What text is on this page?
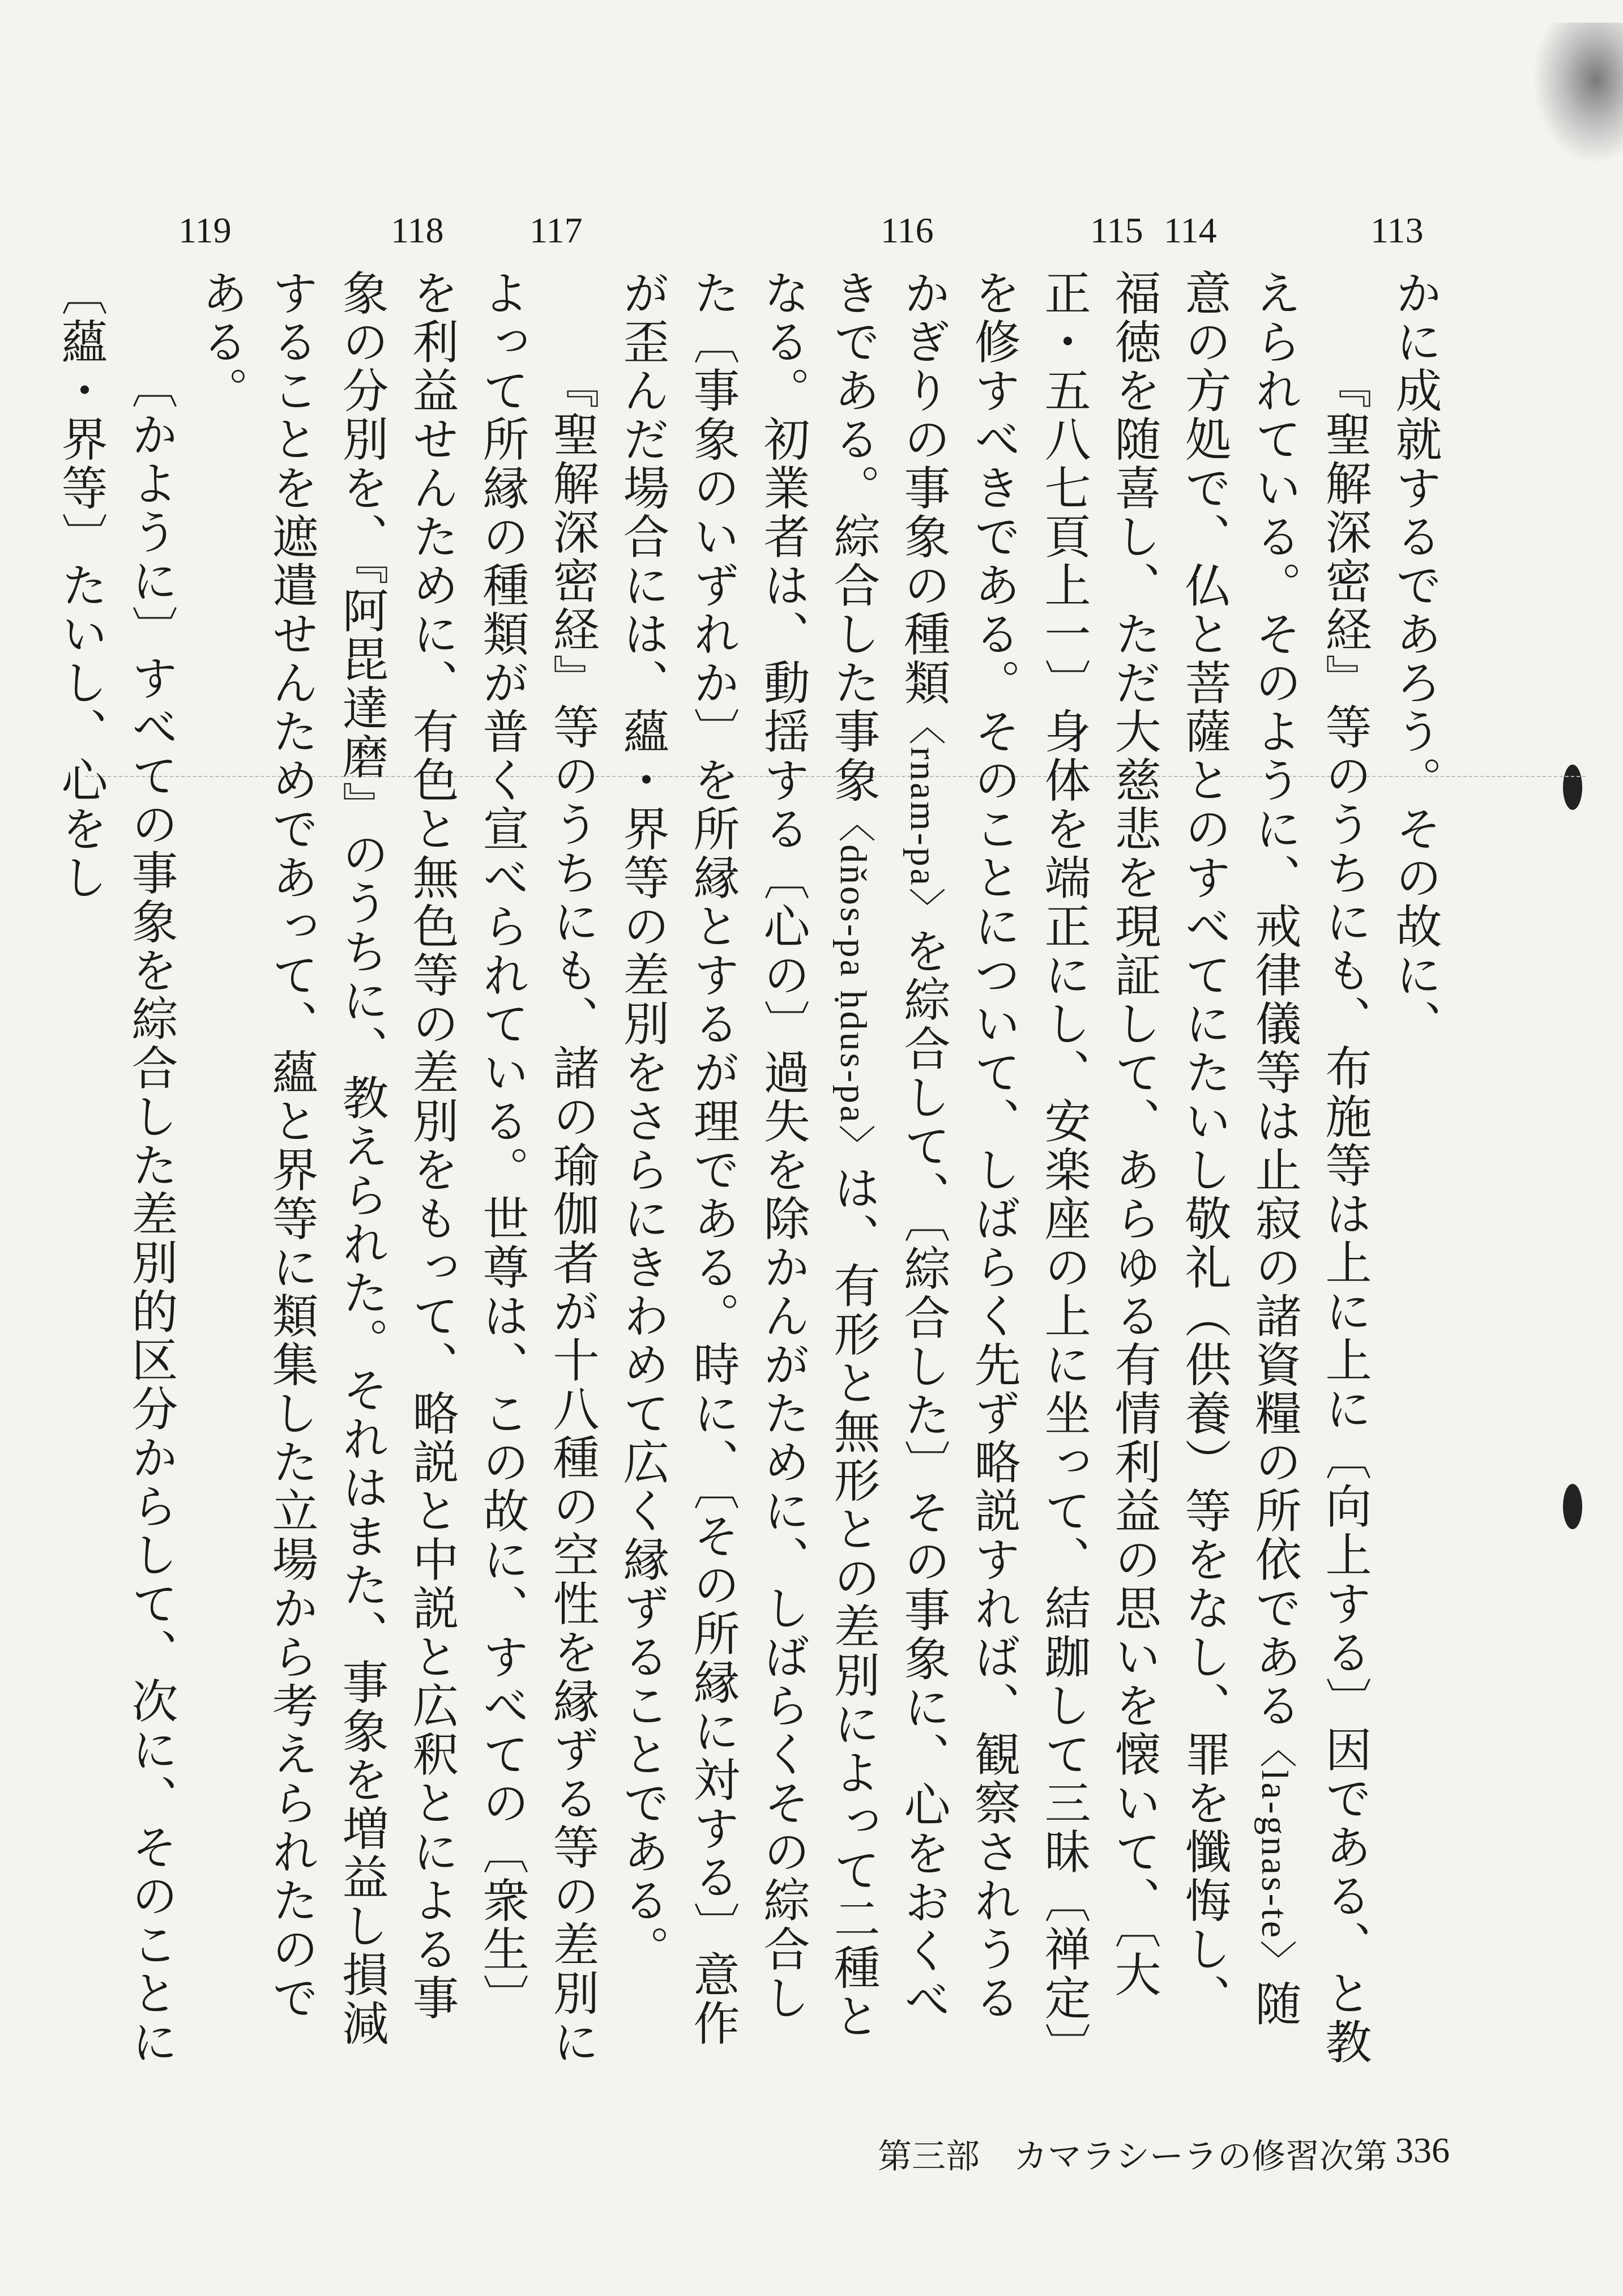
113
114
115
116
117
118
119

かに成就するであろう。その故に、

『聖解深密経』等のうちにも、布施等は上に上に〔向上する〕因である、と教えられている。そのように、戒律儀等は止寂の諸資糧の所依である〈la-gnas-te〉随意の方処で、仏と菩薩とのすべてにたいし敬礼（供養）等をなし、罪を懺悔し、福徳を随喜し、ただ大慈悲を現証して、あらゆる有情利益の思いを懐いて、〔大正・五八七頁上一〕身体を端正にし、安楽座の上に坐って、結跏して三昧〔禅定〕を修すべきである。そのことについて、しばらく先ず略説すれば、観察されうるかぎりの事象の種類〈rnam-pa〉を綜合して、〔綜合した〕その事象に、心をおくべきである。綜合した事象〈dňos-pa ḥdus-pa〉は、有形と無形との差別によって二種となる。初業者は、動揺する〔心の〕過失を除かんがために、しばらくその綜合した〔事象のいずれか〕を所縁とするが理である。時に、〔その所縁に対する〕意作が歪んだ場合には、蘊・界等の差別をさらにきわめて広く縁ずることである。

『聖解深密経』等のうちにも、諸の瑜伽者が十八種の空性を縁ずる等の差別によって所縁の種類が普く宣べられている。世尊は、この故に、すべての〔衆生〕を利益せんために、有色と無色等の差別をもって、略説と中説と広釈とによる事象の分別を、『阿毘達磨』のうちに、教えられた。それはまた、事象を増益し損減することを遮遣せんためであって、蘊と界等に類集した立場から考えられたのである。

〔かように〕すべての事象を綜合した差別的区分からして、次に、そのことに〔蘊・界等〕たいし、心をし

第三部　カマラシーラの修習次第 336
